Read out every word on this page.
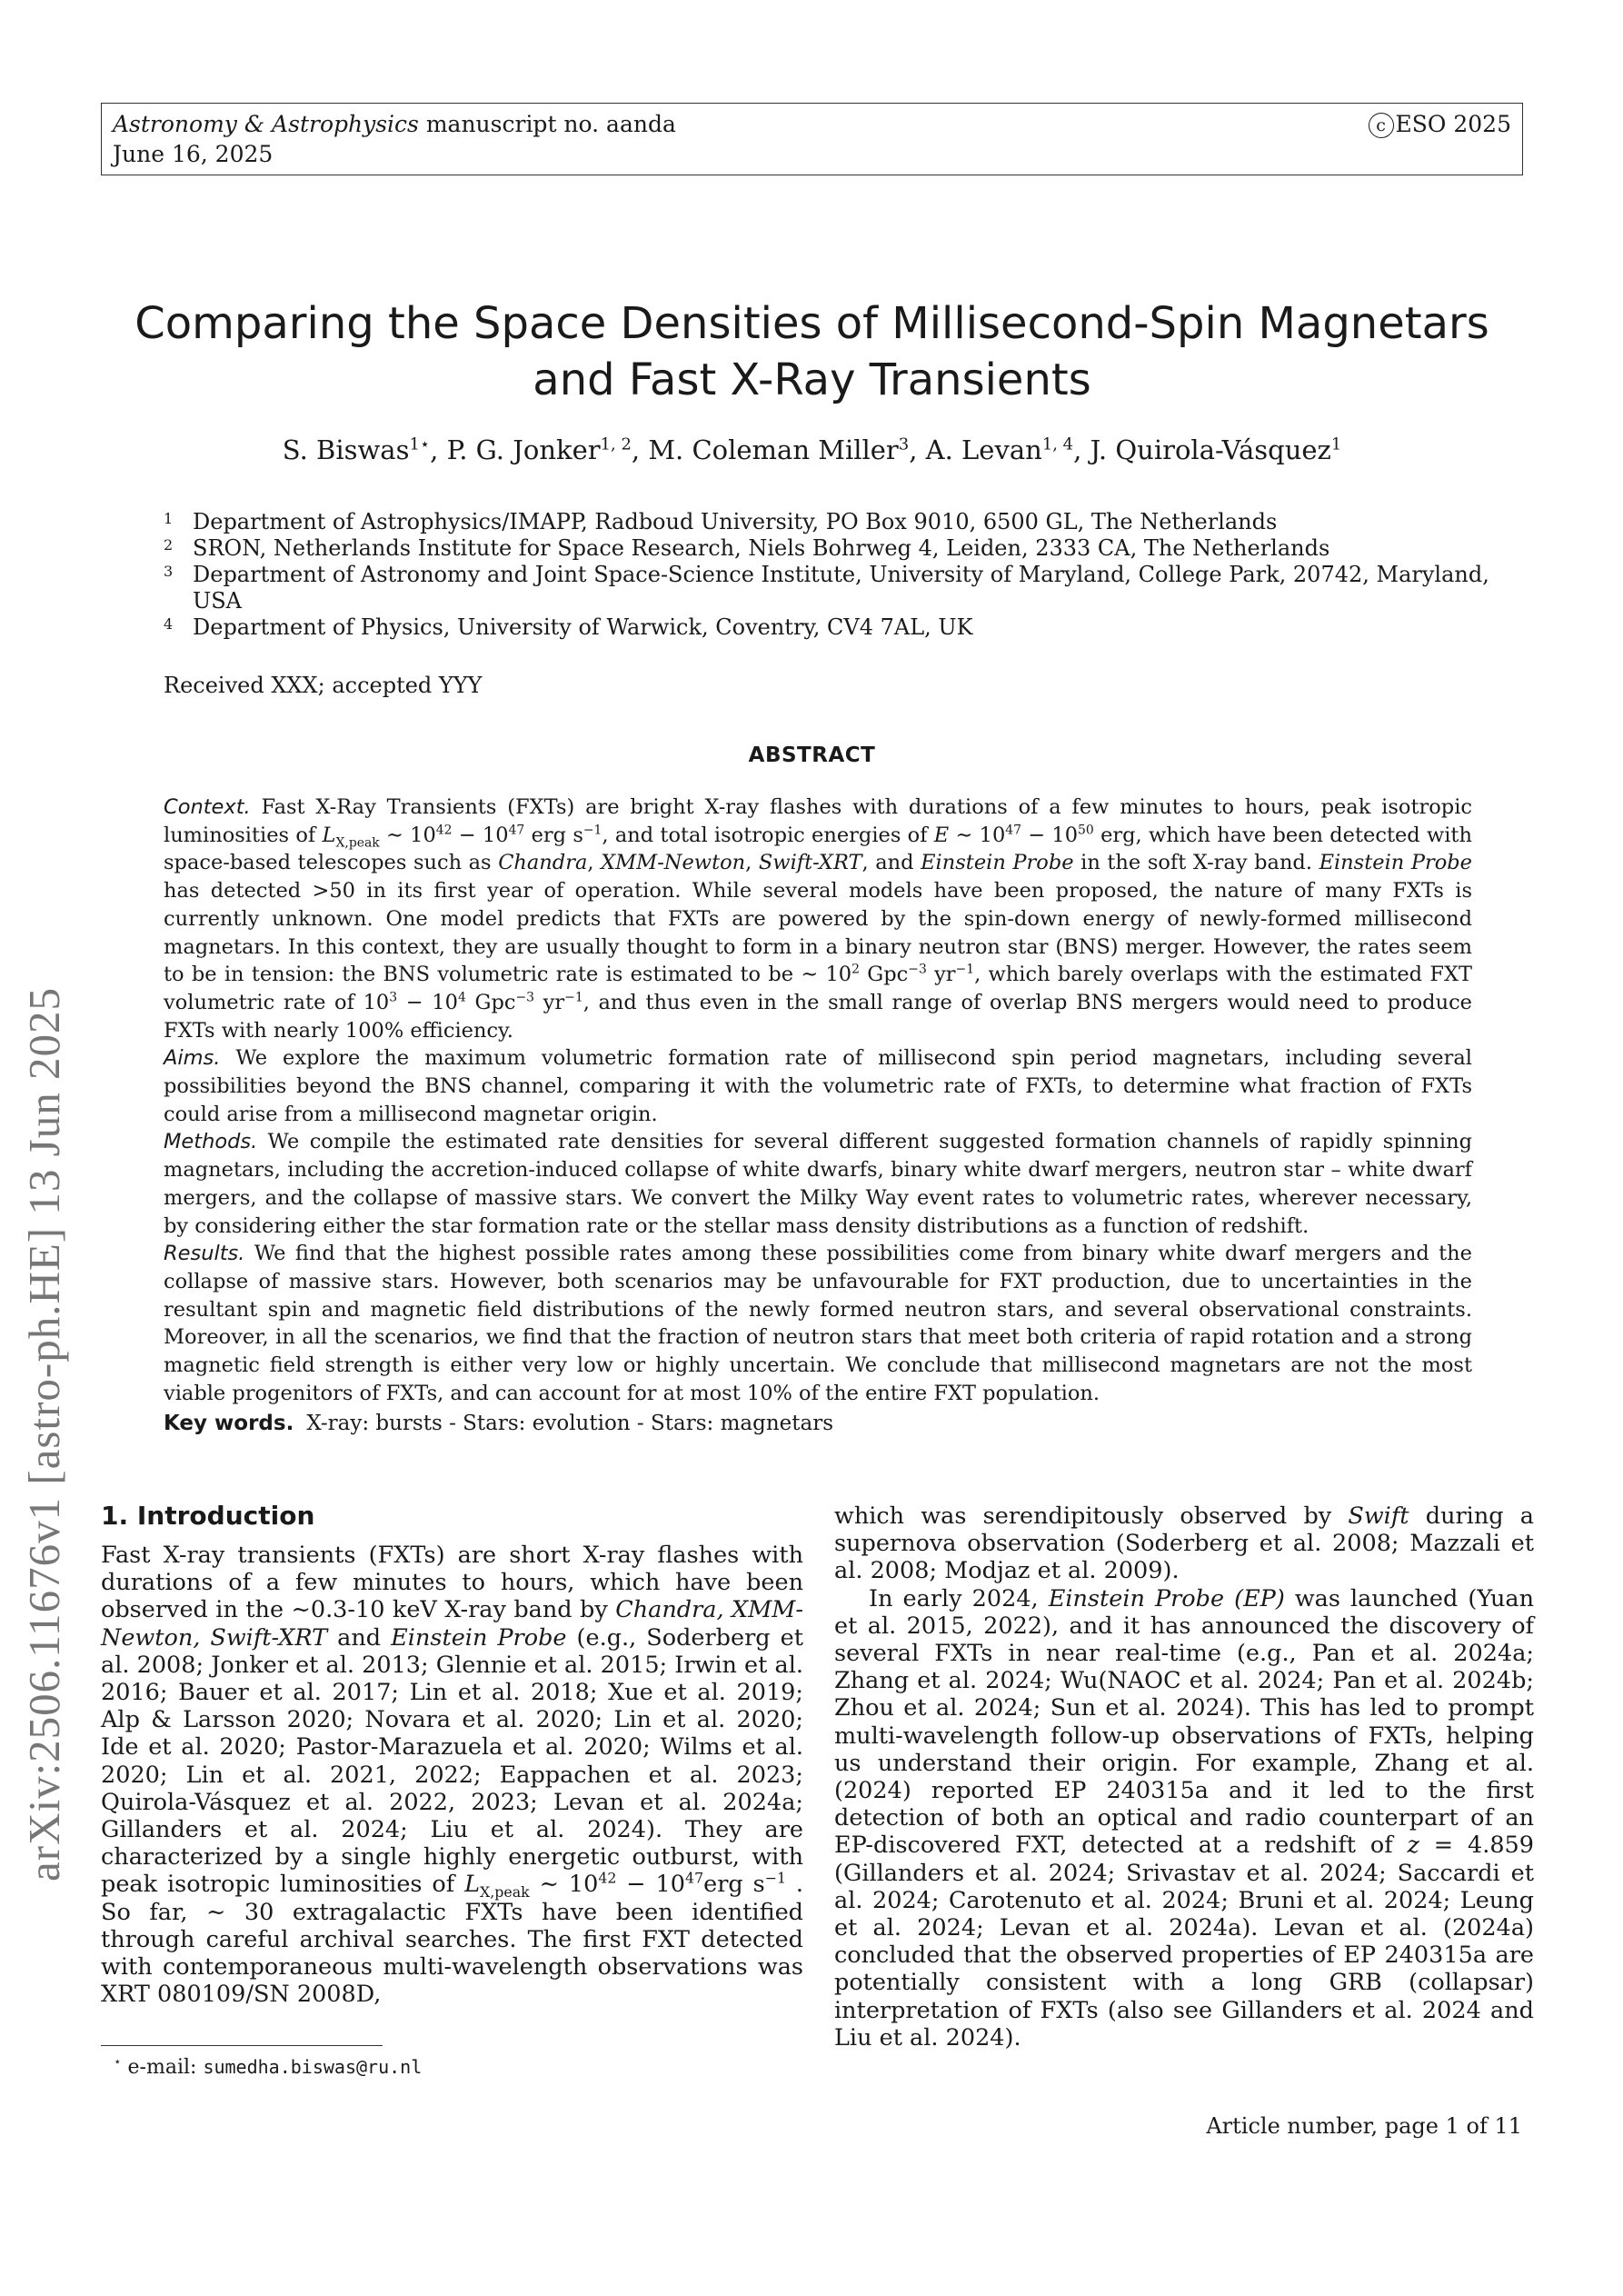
Astronomy & Astrophysics manuscript no. aanda
June 16, 2025
c ESO 2025
Comparing the Space Densities of Millisecond-Spin Magnetars
and Fast X-Ray Transients
S. Biswas$^{1⋆}$, P. G. Jonker$^{1, 2}$, M. Coleman Miller$^3$, A. Levan$^{1, 4}$, J. Quirola-Vásquez$^1$
1 Department of Astrophysics/IMAPP, Radboud University, PO Box 9010, 6500 GL, The Netherlands
2 SRON, Netherlands Institute for Space Research, Niels Bohrweg 4, Leiden, 2333 CA, The Netherlands
3 Department of Astronomy and Joint Space-Science Institute, University of Maryland, College Park, 20742, Maryland, USA
4 Department of Physics, University of Warwick, Coventry, CV4 7AL, UK
Received XXX; accepted YYY
ABSTRACT

Context. Fast X-Ray Transients (FXTs) are bright X-ray flashes with durations of a few minutes to hours, peak isotropic luminosities of $L_{X,peak}$ ∼ $10^{42} - 10^{47}$ erg $s^{-1}$, and total isotropic energies of E ∼ $10^{47} - 10^{50}$ erg, which have been detected with space-based telescopes such as Chandra, XMM-Newton, Swift-XRT, and Einstein Probe in the soft X-ray band. Einstein Probe has detected >50 in its first year of operation. While several models have been proposed, the nature of many FXTs is currently unknown. One model predicts that FXTs are powered by the spin-down energy of newly-formed millisecond magnetars. In this context, they are usually thought to form in a binary neutron star (BNS) merger. However, the rates seem to be in tension: the BNS volumetric rate is estimated to be ∼ $10^2$ Gpc$^{-3}$ $yr^{-1}$, which barely overlaps with the estimated FXT volumetric rate of $10^3 - 10^4$ Gpc$^{-3}$ $yr^{-1}$, and thus even in the small range of overlap BNS mergers would need to produce FXTs with nearly 100% efficiency.

Aims. We explore the maximum volumetric formation rate of millisecond spin period magnetars, including several possibilities beyond the BNS channel, comparing it with the volumetric rate of FXTs, to determine what fraction of FXTs could arise from a millisecond magnetar origin.

Methods. We compile the estimated rate densities for several different suggested formation channels of rapidly spinning magnetars, including the accretion-induced collapse of white dwarfs, binary white dwarf mergers, neutron star – white dwarf mergers, and the collapse of massive stars. We convert the Milky Way event rates to volumetric rates, wherever necessary, by considering either the star formation rate or the stellar mass density distributions as a function of redshift.

Results. We find that the highest possible rates among these possibilities come from binary white dwarf mergers and the collapse of massive stars. However, both scenarios may be unfavourable for FXT production, due to uncertainties in the resultant spin and magnetic field distributions of the newly formed neutron stars, and several observational constraints. Moreover, in all the scenarios, we find that the fraction of neutron stars that meet both criteria of rapid rotation and a strong magnetic field strength is either very low or highly uncertain. We conclude that millisecond magnetars are not the most viable progenitors of FXTs, and can account for at most 10% of the entire FXT population.

Key words. X-ray: bursts - Stars: evolution - Stars: magnetars
arXiv:2506.11676v1 [astro-ph.HE] 13 Jun 2025 1. Introduction

Fast X-ray transients (FXTs) are short X-ray flashes with durations of a few minutes to hours, which have been observed in the ∼0.3-10 keV X-ray band by Chandra, XMM-Newton, Swift-XRT and Einstein Probe (e.g., Soderberg et al. 2008; Jonker et al. 2013; Glennie et al. 2015; Irwin et al. 2016; Bauer et al. 2017; Lin et al. 2018; Xue et al. 2019; Alp & Larsson 2020; Novara et al. 2020; Lin et al. 2020; Ide et al. 2020; Pastor-Marazuela et al. 2020; Wilms et al. 2020; Lin et al. 2021, 2022; Eappachen et al. 2023; Quirola-Vásquez et al. 2022, 2023; Levan et al. 2024a; Gillanders et al. 2024; Liu et al. 2024). They are characterized by a single highly energetic outburst, with peak isotropic luminosities of $L_{X,peak}$ ∼ $10^{42} - 10^{47}erg$ $s^{-1}$ . So far, ∼ 30 extragalactic FXTs have been identified through careful archival searches. The first FXT detected with contemporaneous multi-wavelength observations was XRT 080109/SN 2008D,

which was serendipitously observed by Swift during a supernova observation (Soderberg et al. 2008; Mazzali et al. 2008; Modjaz et al. 2009).

In early 2024, Einstein Probe (EP) was launched (Yuan et al. 2015, 2022), and it has announced the discovery of several FXTs in near real-time (e.g., Pan et al. 2024a; Zhang et al. 2024; Wu(NAOC et al. 2024; Pan et al. 2024b; Zhou et al. 2024; Sun et al. 2024). This has led to prompt multi-wavelength follow-up observations of FXTs, helping us understand their origin. For example, Zhang et al. (2024) reported EP 240315a and it led to the first detection of both an optical and radio counterpart of an EP-discovered FXT, detected at a redshift of z = 4.859 (Gillanders et al. 2024; Srivastav et al. 2024; Saccardi et al. 2024; Carotenuto et al. 2024; Bruni et al. 2024; Leung et al. 2024; Levan et al. 2024a). Levan et al. (2024a) concluded that the observed properties of EP 240315a are potentially consistent with a long GRB (collapsar) interpretation of FXTs (also see Gillanders et al. 2024 and Liu et al. 2024).

⋆ e-mail: sumedha.biswas@ru.nl
Article number, page 1 of 11
